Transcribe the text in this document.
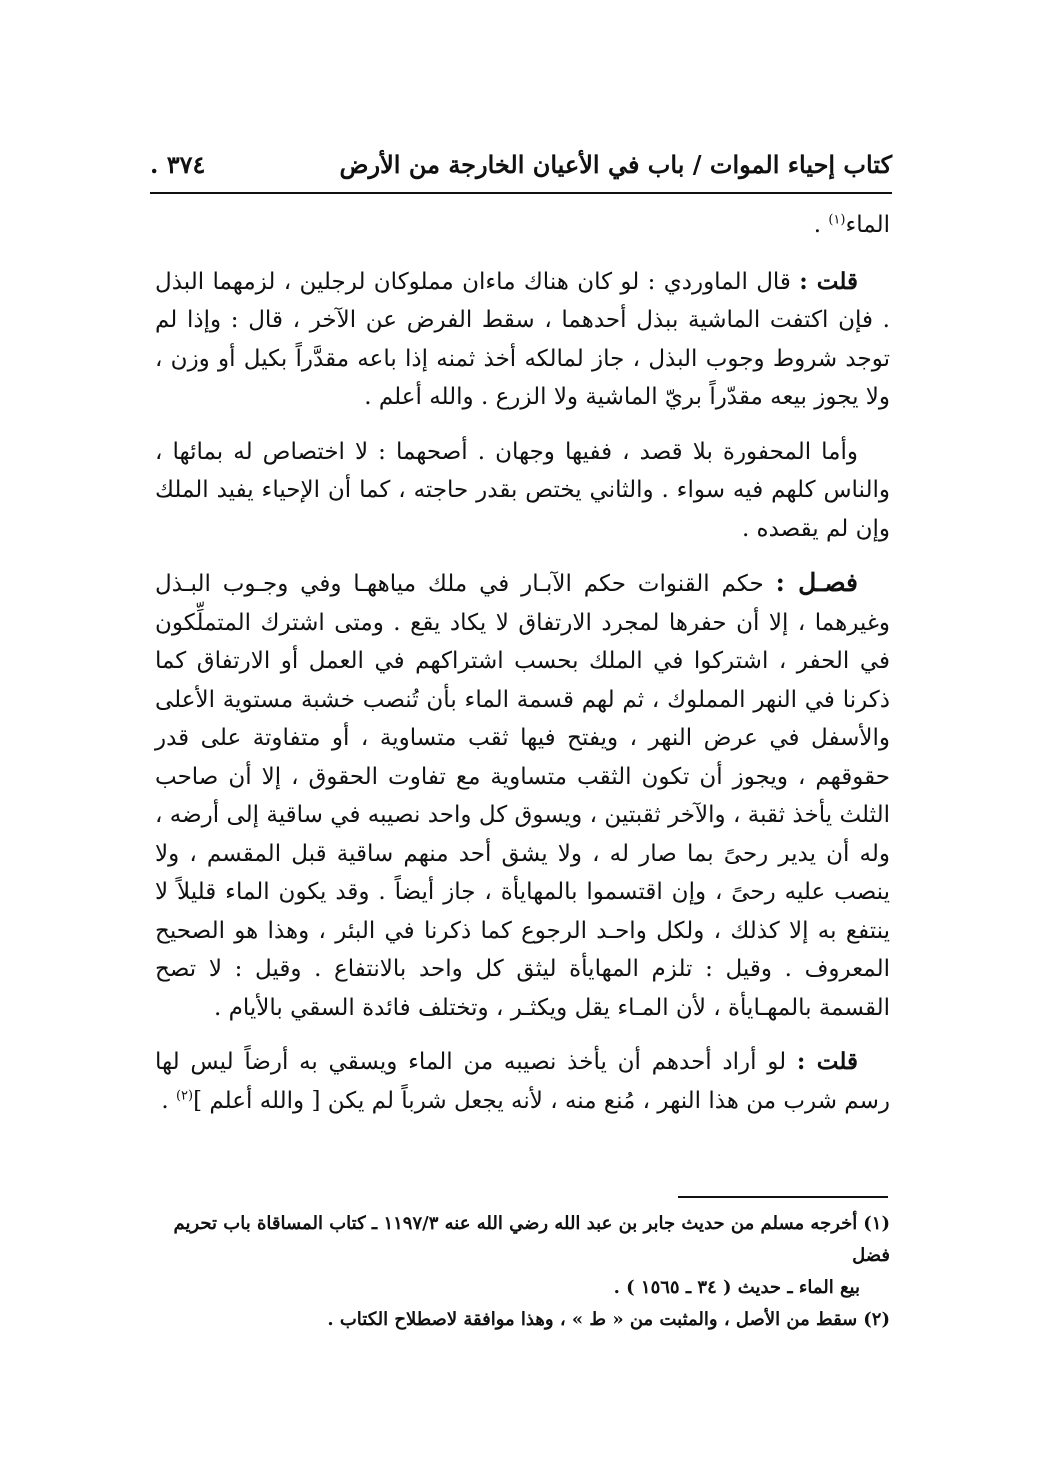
كتاب إحياء الموات / باب في الأعيان الخارجة من الأرض
٣٧٤ .

الماء$^{(١)}$ .

قلت : قال الماوردي : لو كان هناك ماءان مملوكان لرجلين ، لزمهما البذل . فإن اكتفت الماشية ببذل أحدهما ، سقط الفرض عن الآخر ، قال : وإذا لم توجد شروط وجوب البذل ، جاز لمالكه أخذ ثمنه إذا باعه مقدَّراً بكيل أو وزن ، ولا يجوز بيعه مقدّراً بريّ الماشية ولا الزرع . والله أعلم .

وأما المحفورة بلا قصد ، ففيها وجهان . أصحهما : لا اختصاص له بمائها ، والناس كلهم فيه سواء . والثاني يختص بقدر حاجته ، كما أن الإحياء يفيد الملك وإن لم يقصده .

فصـل : حكم القنوات حكم الآبـار في ملك مياههـا وفي وجـوب البـذل وغيرهما ، إلا أن حفرها لمجرد الارتفاق لا يكاد يقع . ومتى اشترك المتملِّكون في الحفر ، اشتركوا في الملك بحسب اشتراكهم في العمل أو الارتفاق كما ذكرنا في النهر المملوك ، ثم لهم قسمة الماء بأن تُنصب خشبة مستوية الأعلى والأسفل في عرض النهر ، ويفتح فيها ثقب متساوية ، أو متفاوتة على قدر حقوقهم ، ويجوز أن تكون الثقب متساوية مع تفاوت الحقوق ، إلا أن صاحب الثلث يأخذ ثقبة ، والآخر ثقبتين ، ويسوق كل واحد نصيبه في ساقية إلى أرضه ، وله أن يدير رحىً بما صار له ، ولا يشق أحد منهم ساقية قبل المقسم ، ولا ينصب عليه رحىً ، وإن اقتسموا بالمهايأة ، جاز أيضاً . وقد يكون الماء قليلاً لا ينتفع به إلا كذلك ، ولكل واحـد الرجوع كما ذكرنا في البئر ، وهذا هو الصحيح المعروف . وقيل : تلزم المهايأة ليثق كل واحد بالانتفاع . وقيل : لا تصح القسمة بالمهـايأة ، لأن المـاء يقل ويكثـر ، وتختلف فائدة السقي بالأيام .

قلت : لو أراد أحدهم أن يأخذ نصيبه من الماء ويسقي به أرضاً ليس لها رسم شرب من هذا النهر ، مُنع منه ، لأنه يجعل شرباً لم يكن [ والله أعلم ]$^{(٢)}$ .

(١)أخرجه مسلم من حديث جابر بن عبد الله رضي الله عنه ١١٩٧/٣ ـ كتاب المساقاة باب تحريم فضل
بيع الماء ـ حديث ( ٣٤ ـ ١٥٦٥ ) .

(٢)سقط من الأصل ، والمثبت من « ط » ، وهذا موافقة لاصطلاح الكتاب .
